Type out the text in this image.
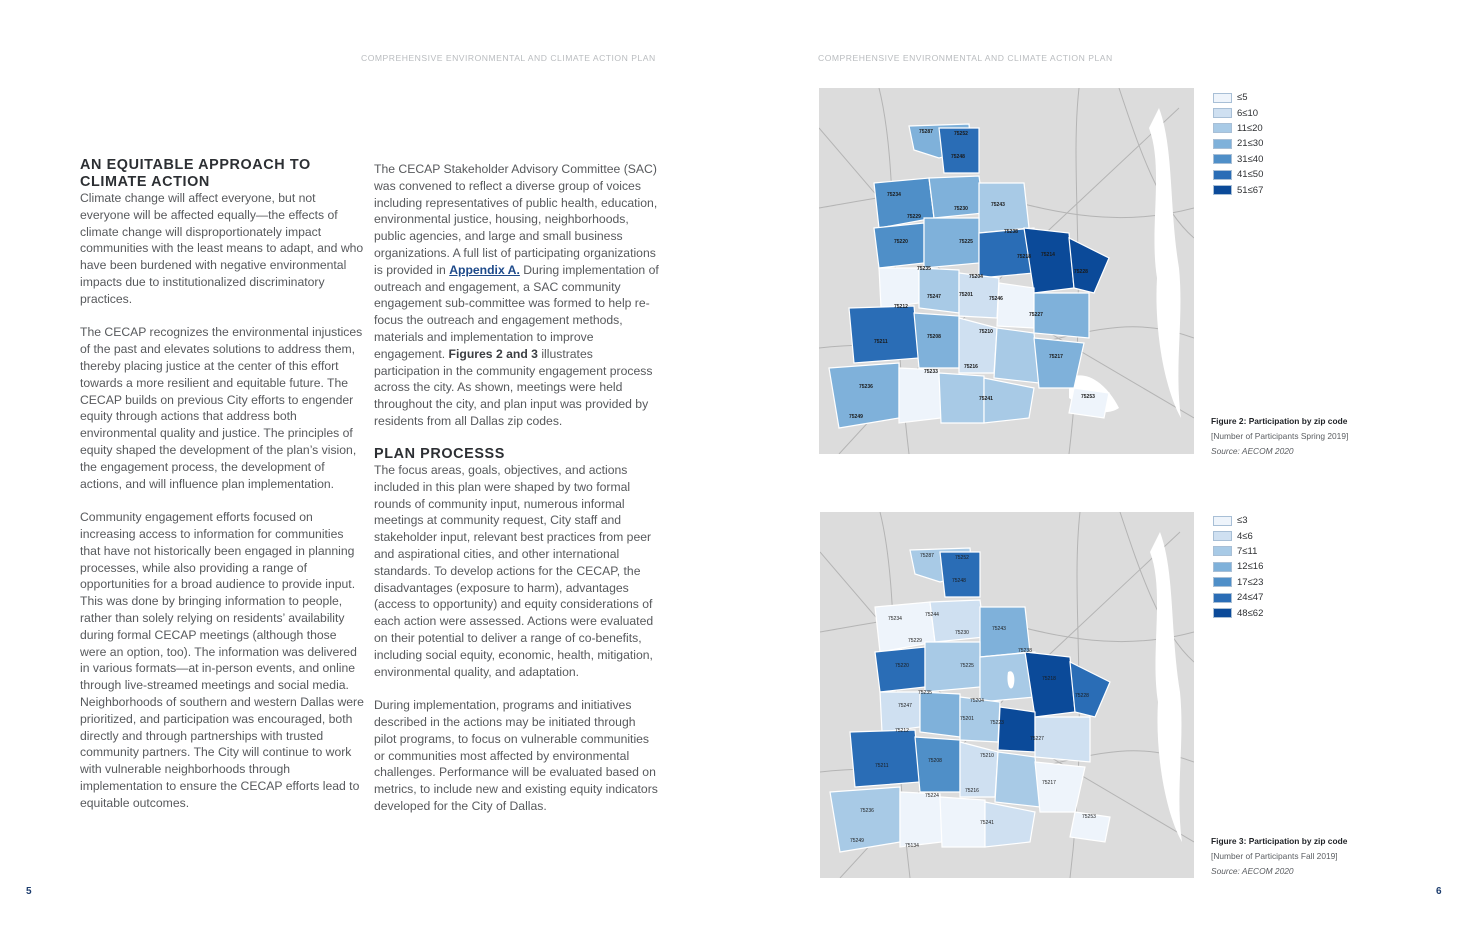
COMPREHENSIVE ENVIRONMENTAL AND CLIMATE ACTION PLAN	COMPREHENSIVE ENVIRONMENTAL AND CLIMATE ACTION PLAN
5	6
AN EQUITABLE APPROACH TO
CLIMATE ACTION

Climate change will affect everyone, but not everyone will be affected equally—the effects of climate change will disproportionately impact communities with the least means to adapt, and who have been burdened with negative environmental impacts due to institutionalized discriminatory practices.

The CECAP recognizes the environmental injustices of the past and elevates solutions to address them, thereby placing justice at the center of this effort towards a more resilient and equitable future. The CECAP builds on previous City efforts to engender equity through actions that address both environmental quality and justice. The principles of equity shaped the development of the plan’s vision, the engagement process, the development of actions, and will influence plan implementation.

Community engagement efforts focused on increasing access to information for communities that have not historically been engaged in planning processes, while also providing a range of opportunities for a broad audience to provide input. This was done by bringing information to people, rather than solely relying on residents’ availability during formal CECAP meetings (although those were an option, too). The information was delivered in various formats—at in-person events, and online through live-streamed meetings and social media. Neighborhoods of southern and western Dallas were prioritized, and participation was encouraged, both directly and through partnerships with trusted community partners. The City will continue to work with vulnerable neighborhoods through implementation to ensure the CECAP efforts lead to equitable outcomes.

The CECAP Stakeholder Advisory Committee (SAC) was convened to reflect a diverse group of voices including representatives of public health, education, environmental justice, housing, neighborhoods, public agencies, and large and small business organizations. A full list of participating organizations is provided in Appendix A. During implementation of outreach and engagement, a SAC community engagement sub-committee was formed to help re-focus the outreach and engagement methods, materials and implementation to improve engagement. Figures 2 and 3 illustrates participation in the community engagement process across the city. As shown, meetings were held throughout the city, and plan input was provided by residents from all Dallas zip codes.

PLAN PROCESSS

The focus areas, goals, objectives, and actions included in this plan were shaped by two formal rounds of community input, numerous informal meetings at community request, City staff and stakeholder input, relevant best practices from peer and aspirational cities, and other international standards. To develop actions for the CECAP, the disadvantages (exposure to harm), advantages (access to opportunity) and equity considerations of each action were assessed. Actions were evaluated on their potential to deliver a range of co-benefits, including social equity, economic, health, mitigation, environmental quality, and adaptation.

During implementation, programs and initiatives described in the actions may be initiated through pilot programs, to focus on vulnerable communities or communities most affected by environmental challenges. Performance will be evaluated based on metrics, to include new and existing equity indicators developed for the City of Dallas.

75287	75252
75248
75234
75229
75230
75243
75238
75220	75225
75218 75214
75228
75235
75204
75247
75212
75201
75246
75227
75211
75208
75210
75217
75233
75216
75236
75241
75249
75253
≤5
6≤10
11≤20
21≤30
31≤40
41≤50
51≤67
Figure 2: Participation by zip code
[Number of Participants Spring 2019]
Source: AECOM 2020
75287	75252
75248
75234
75244
75243
75229
75230
75220	75225
75238
75218
75228
75235
75204
75247
75212
75201
75223
75227
75211
75208
75210
75217
75224
75216
75236
75241
75249
75253
75134
≤3
4≤6
7≤11
12≤16
17≤23
24≤47
48≤62
Figure 3: Participation by zip code
[Number of Participants Fall 2019]
Source: AECOM 2020
